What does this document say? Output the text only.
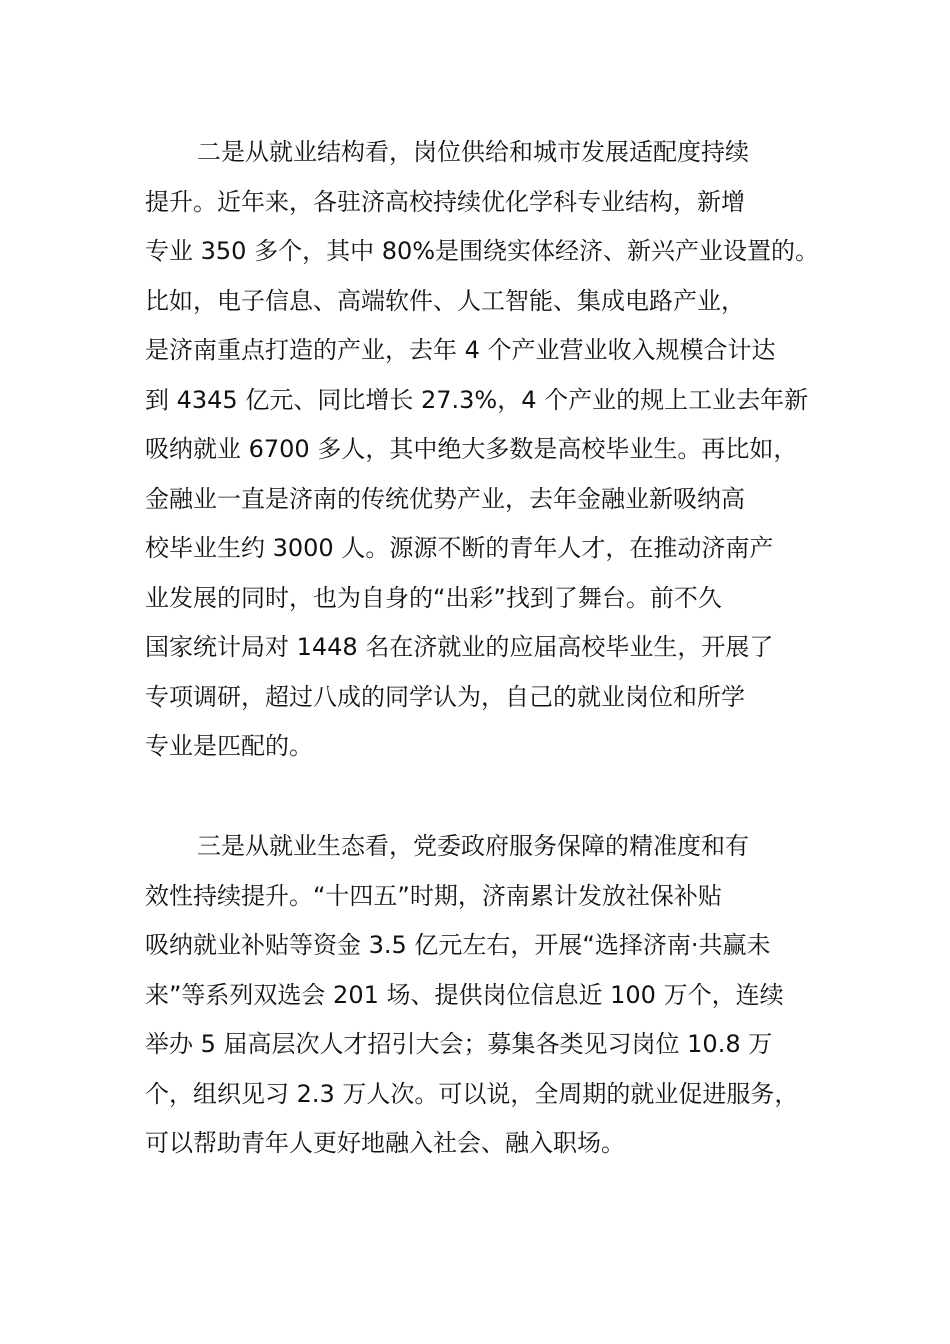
二是从就业结构看，岗位供给和城市发展适配度持续
提升。近年来，各驻济高校持续优化学科专业结构，新增
专业 350 多个，其中 80%是围绕实体经济、新兴产业设置的。
比如，电子信息、高端软件、人工智能、集成电路产业，
是济南重点打造的产业，去年 4 个产业营业收入规模合计达
到 4345 亿元、同比增长 27.3%，4 个产业的规上工业去年新
吸纳就业 6700 多人，其中绝大多数是高校毕业生。再比如，
金融业一直是济南的传统优势产业，去年金融业新吸纳高
校毕业生约 3000 人。源源不断的青年人才，在推动济南产
业发展的同时，也为自身的“出彩”找到了舞台。前不久
国家统计局对 1448 名在济就业的应届高校毕业生，开展了
专项调研，超过八成的同学认为，自己的就业岗位和所学
专业是匹配的。
三是从就业生态看，党委政府服务保障的精准度和有
效性持续提升。“十四五”时期，济南累计发放社保补贴
吸纳就业补贴等资金 3.5 亿元左右，开展“选择济南·共赢未
来”等系列双选会 201 场、提供岗位信息近 100 万个，连续
举办 5 届高层次人才招引大会；募集各类见习岗位 10.8 万
个，组织见习 2.3 万人次。可以说，全周期的就业促进服务，
可以帮助青年人更好地融入社会、融入职场。
